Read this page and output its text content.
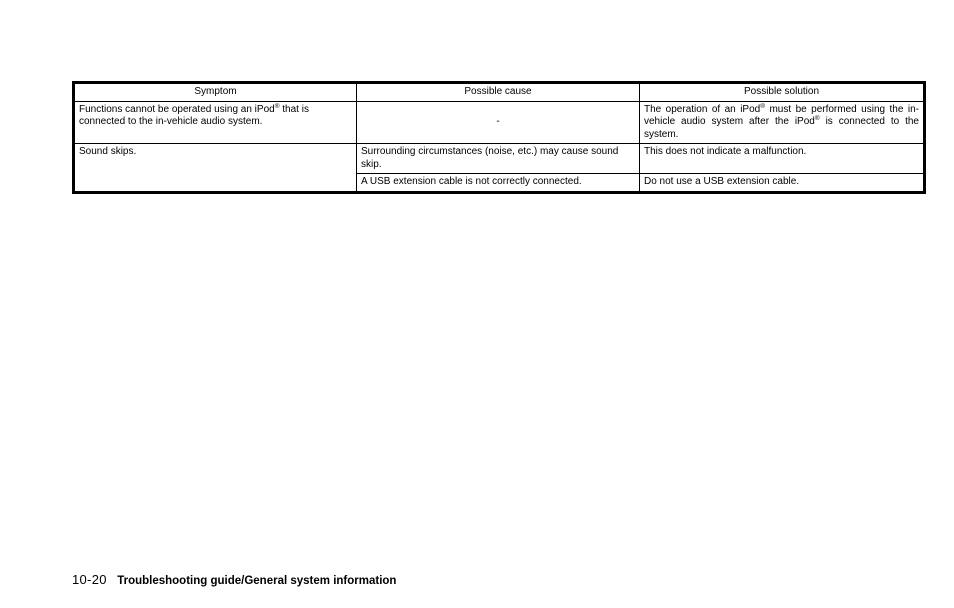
Symptom	Possible cause	Possible solution
Functions cannot be operated using an iPod® that is connected to the in-vehicle audio system.	-	The operation of an iPod® must be performed using the in-vehicle audio system after the iPod® is connected to the system.
Sound skips.	Surrounding circumstances (noise, etc.) may cause sound skip.	This does not indicate a malfunction.
	A USB extension cable is not correctly connected.	Do not use a USB extension cable.
10-20 Troubleshooting guide/General system information
